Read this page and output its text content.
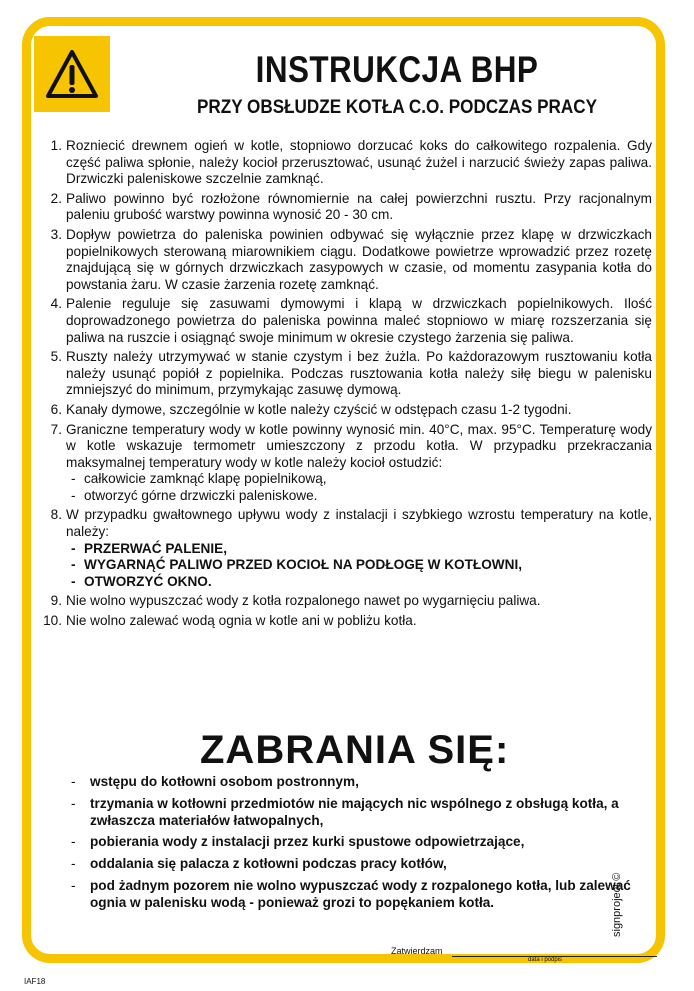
INSTRUKCJA BHP
PRZY OBSŁUDZE KOTŁA C.O. PODCZAS PRACY
1. Rozniecić drewnem ogień w kotle, stopniowo dorzucać koks do całkowitego rozpalenia. Gdy część paliwa spłonie, należy kocioł przerusztować, usunąć żużel i narzucić świeży zapas paliwa. Drzwiczki paleniskowe szczelnie zamknąć.
2. Paliwo powinno być rozłożone równomiernie na całej powierzchni rusztu. Przy racjonalnym paleniu grubość warstwy powinna wynosić 20 - 30 cm.
3. Dopływ powietrza do paleniska powinien odbywać się wyłącznie przez klapę w drzwiczkach popielnikowych sterowaną miarownikiem ciągu. Dodatkowe powietrze wprowadzić przez rozetę znajdującą się w górnych drzwiczkach zasypowych w czasie, od momentu zasypania kotła do powstania żaru. W czasie żarzenia rozetę zamknąć.
4. Palenie reguluje się zasuwami dymowymi i klapą w drzwiczkach popielnikowych. Ilość doprowadzonego powietrza do paleniska powinna maleć stopniowo w miarę rozszerzania się paliwa na ruszcie i osiągnąć swoje minimum w okresie czystego żarzenia się paliwa.
5. Ruszty należy utrzymywać w stanie czystym i bez żużla. Po każdorazowym rusztowaniu kotła należy usunąć popiół z popielnika. Podczas rusztowania kotła należy siłę biegu w palenisku zmniejszyć do minimum, przymykając zasuwę dymową.
6. Kanały dymowe, szczególnie w kotle należy czyścić w odstępach czasu 1-2 tygodni.
7. Graniczne temperatury wody w kotle powinny wynosić min. 40°C, max. 95°C. Temperaturę wody w kotle wskazuje termometr umieszczony z przodu kotła. W przypadku przekraczania maksymalnej temperatury wody w kotle należy kocioł ostudzić:
- całkowicie zamknąć klapę popielnikową,
- otworzyć górne drzwiczki paleniskowe.
8. W przypadku gwałtownego upływu wody z instalacji i szybkiego wzrostu temperatury na kotle, należy:
- PRZERWAĆ PALENIE,
- WYGARNĄĆ PALIWO PRZED KOCIOŁ NA PODŁOGĘ W KOTŁOWNI,
- OTWORZYĆ OKNO.
9. Nie wolno wypuszczać wody z kotła rozpalonego nawet po wygarnięciu paliwa.
10. Nie wolno zalewać wodą ognia w kotle ani w pobliżu kotła.
ZABRANIA SIĘ:
- wstępu do kotłowni osobom postronnym,
- trzymania w kotłowni przedmiotów nie mających nic wspólnego z obsługą kotła, a zwłaszcza materiałów łatwopalnych,
- pobierania wody z instalacji przez kurki spustowe odpowietrzające,
- oddalania się palacza z kotłowni podczas pracy kotłów,
- pod żadnym pozorem nie wolno wypuszczać wody z rozpalonego kotła, lub zalewać ognia w palenisku wodą - ponieważ grozi to popękaniem kotła.	signproject ©
Zatwierdzam
data i podpis
IAF18
